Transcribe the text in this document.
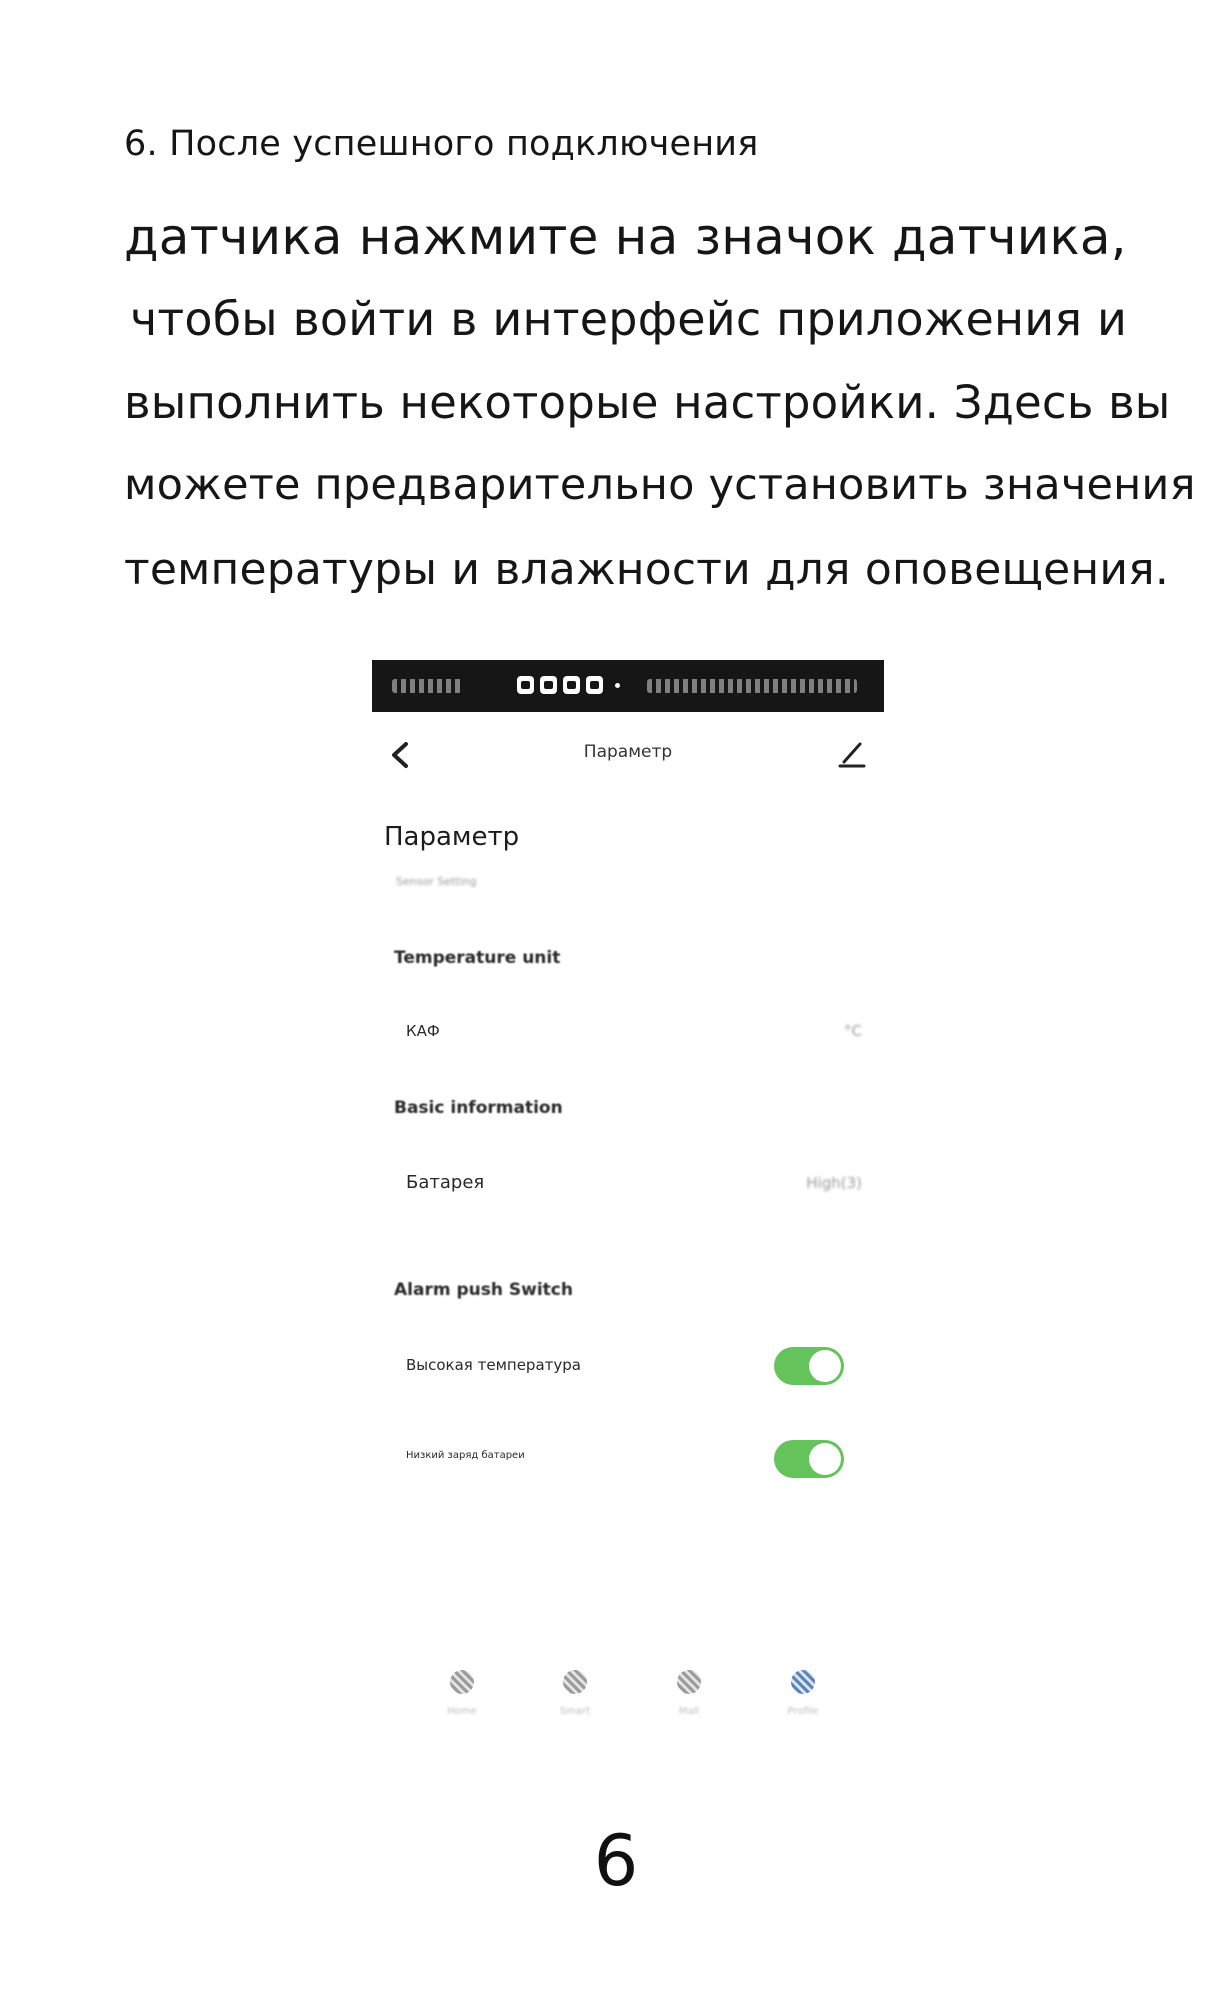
6. После успешного подключения
датчика нажмите на значок датчика,
чтобы войти в интерфейс приложения и
выполнить некоторые настройки. Здесь вы
можете предварительно установить значения
температуры и влажности для оповещения.
Параметр
Параметр
Sensor Setting
Temperature unit
КАФ	°C
Basic information
Батарея	High(3)
Alarm push Switch
Высокая температура
Низкий заряд батареи
Home	Smart	Mall	Profile
6
